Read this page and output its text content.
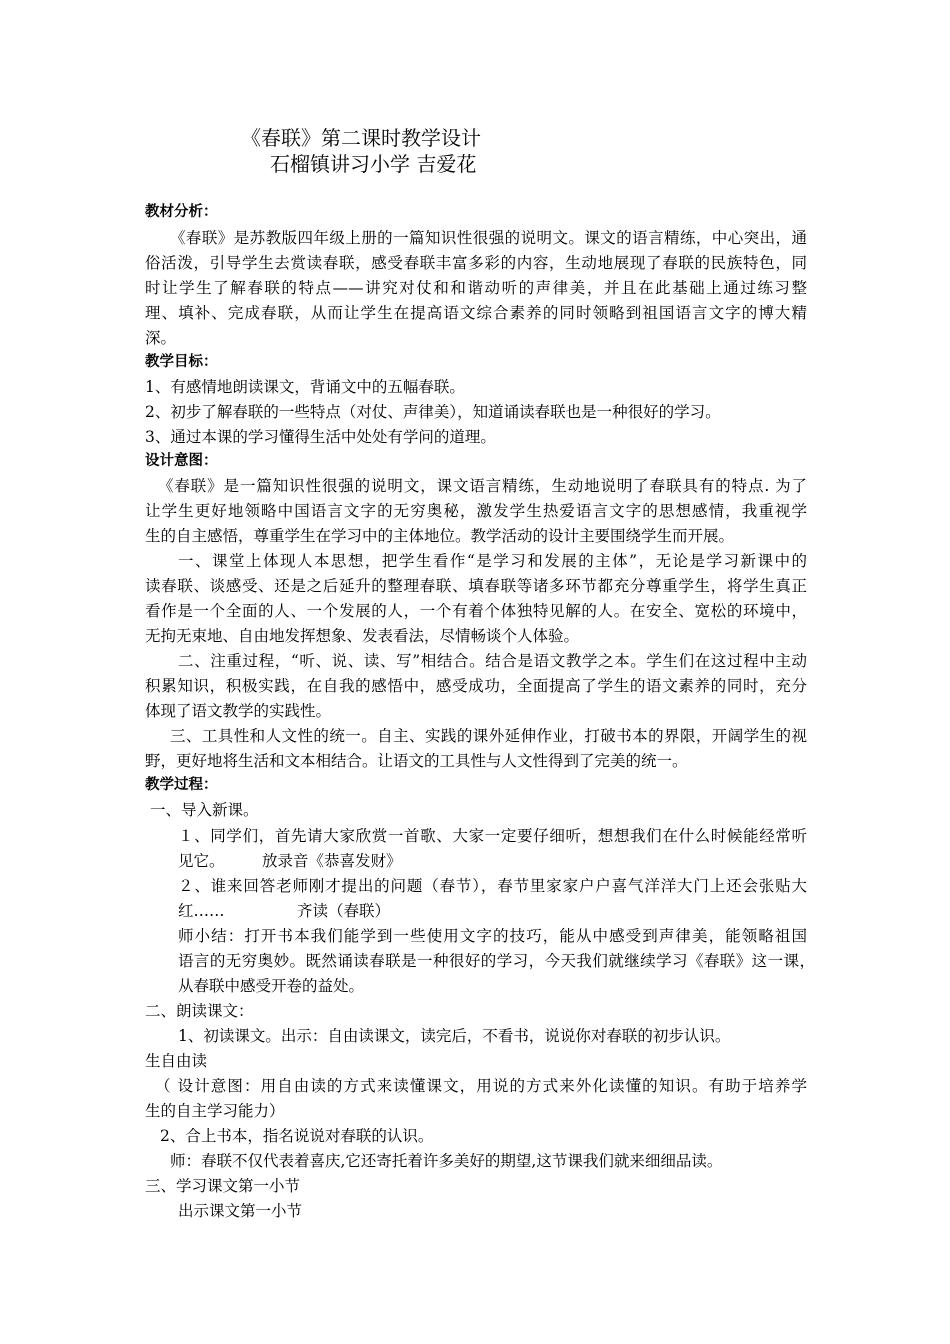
《春联》第二课时教学设计
石榴镇讲习小学 吉爱花
教材分析：
《春联》是苏教版四年级上册的一篇知识性很强的说明文。课文的语言精练，中心突出，通
俗活泼，引导学生去赏读春联，感受春联丰富多彩的内容，生动地展现了春联的民族特色，同
时让学生了解春联的特点——讲究对仗和和谐动听的声律美，并且在此基础上通过练习整
理、填补、完成春联，从而让学生在提高语文综合素养的同时领略到祖国语言文字的博大精
深。
教学目标：
1、有感情地朗读课文，背诵文中的五幅春联。
2、初步了解春联的一些特点（对仗、声律美），知道诵读春联也是一种很好的学习。
3、通过本课的学习懂得生活中处处有学问的道理。
设计意图：
《春联》是一篇知识性很强的说明文，课文语言精练，生动地说明了春联具有的特点. 为了
让学生更好地领略中国语言文字的无穷奥秘，激发学生热爱语言文字的思想感情，我重视学
生的自主感悟，尊重学生在学习中的主体地位。教学活动的设计主要围绕学生而开展。
一、课堂上体现人本思想，把学生看作“是学习和发展的主体”，无论是学习新课中的
读春联、谈感受、还是之后延升的整理春联、填春联等诸多环节都充分尊重学生，将学生真正
看作是一个全面的人、一个发展的人，一个有着个体独特见解的人。在安全、宽松的环境中，
无拘无束地、自由地发挥想象、发表看法，尽情畅谈个人体验。
二、注重过程，“听、说、读、写”相结合。结合是语文教学之本。学生们在这过程中主动
积累知识，积极实践，在自我的感悟中，感受成功，全面提高了学生的语文素养的同时，充分
体现了语文教学的实践性。
三、工具性和人文性的统一。自主、实践的课外延伸作业，打破书本的界限，开阔学生的视
野，更好地将生活和文本相结合。让语文的工具性与人文性得到了完美的统一。
教学过程：
一、导入新课。
１、同学们，首先请大家欣赏一首歌、大家一定要仔细听，想想我们在什么时候能经常听
见它。 放录音《恭喜发财》
２、谁来回答老师刚才提出的问题（春节），春节里家家户户喜气洋洋大门上还会张贴大
红……	齐读（春联）
师小结：打开书本我们能学到一些使用文字的技巧，能从中感受到声律美，能领略祖国
语言的无穷奥妙。既然诵读春联是一种很好的学习，今天我们就继续学习《春联》这一课，
从春联中感受开卷的益处。
二、朗读课文：
1、初读课文。出示：自由读课文，读完后，不看书，说说你对春联的初步认识。
生自由读
（ 设计意图：用自由读的方式来读懂课文，用说的方式来外化读懂的知识。有助于培养学
生的自主学习能力）
2、合上书本，指名说说对春联的认识。
师：春联不仅代表着喜庆,它还寄托着许多美好的期望,这节课我们就来细细品读。
三、学习课文第一小节
出示课文第一小节
